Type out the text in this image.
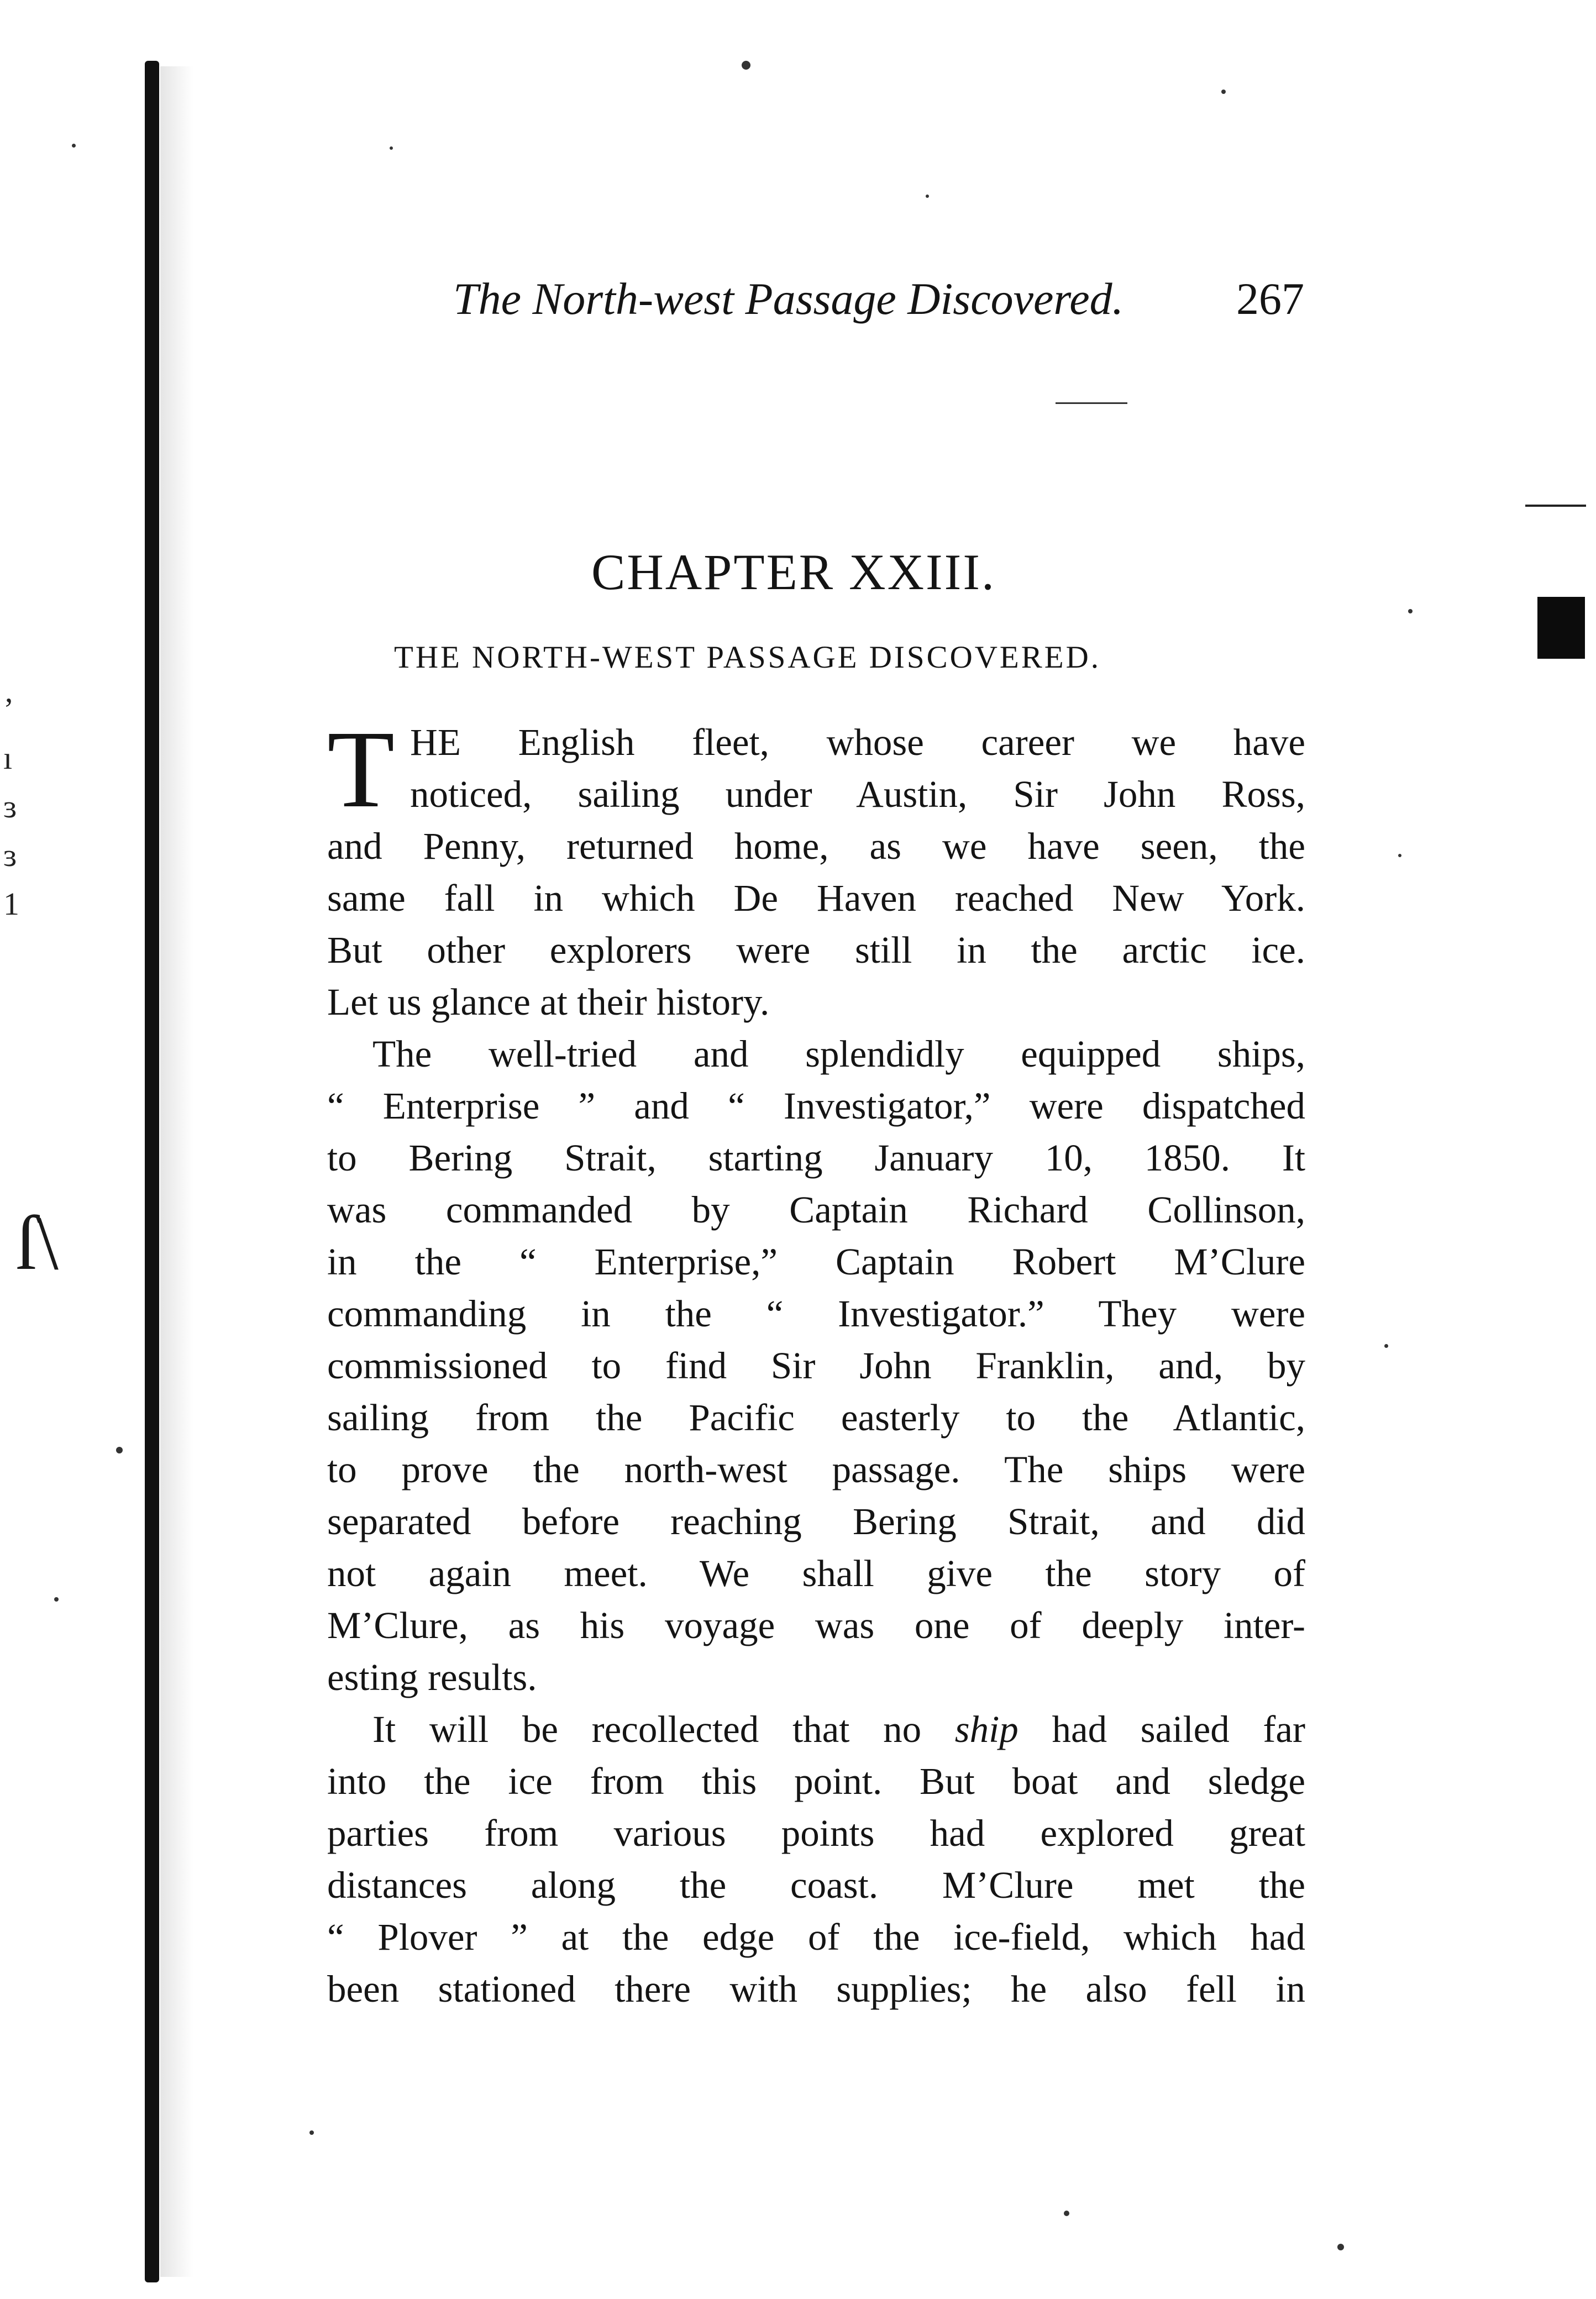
’
ı
ɜ
ɜ
1
ſ\
The North-west Passage Discovered. 267
CHAPTER XXIII.
THE NORTH-WEST PASSAGE DISCOVERED.
T HE English fleet, whose career we have
noticed, sailing under Austin, Sir John Ross,
and Penny, returned home, as we have seen, the
same fall in which De Haven reached New York.
But other explorers were still in the arctic ice.
Let us glance at their history.
The well-tried and splendidly equipped ships,
“ Enterprise ” and “ Investigator,” were dispatched
to Bering Strait, starting January 10, 1850. It
was commanded by Captain Richard Collinson,
in the “ Enterprise,” Captain Robert M’Clure
commanding in the “ Investigator.” They were
commissioned to find Sir John Franklin, and, by
sailing from the Pacific easterly to the Atlantic,
to prove the north-west passage. The ships were
separated before reaching Bering Strait, and did
not again meet. We shall give the story of
M’Clure, as his voyage was one of deeply inter-
esting results.
It will be recollected that no ship had sailed far
into the ice from this point. But boat and sledge
parties from various points had explored great
distances along the coast. M’Clure met the
“ Plover ” at the edge of the ice-field, which had
been stationed there with supplies; he also fell in
